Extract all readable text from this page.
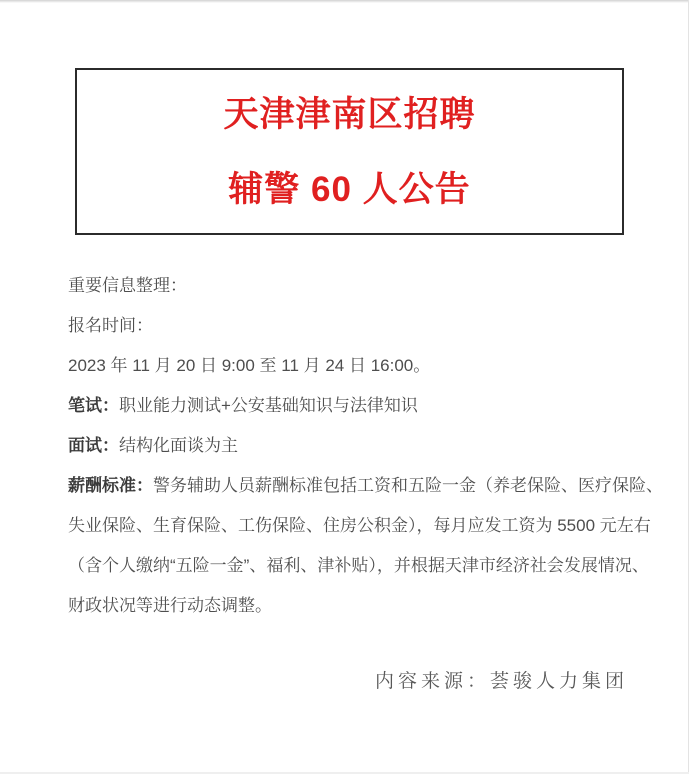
天津津南区招聘
辅警 60 人公告

重要信息整理：

报名时间：

2023 年 11 月 20 日 9:00 至 11 月 24 日 16:00。

笔试：职业能力测试+公安基础知识与法律知识

面试：结构化面谈为主

薪酬标准：警务辅助人员薪酬标准包括工资和五险一金（养老保险、医疗保险、

失业保险、生育保险、工伤保险、住房公积金），每月应发工资为 5500 元左右

（含个人缴纳“五险一金”、福利、津补贴），并根据天津市经济社会发展情况、

财政状况等进行动态调整。

内容来源：荟骏人力集团
